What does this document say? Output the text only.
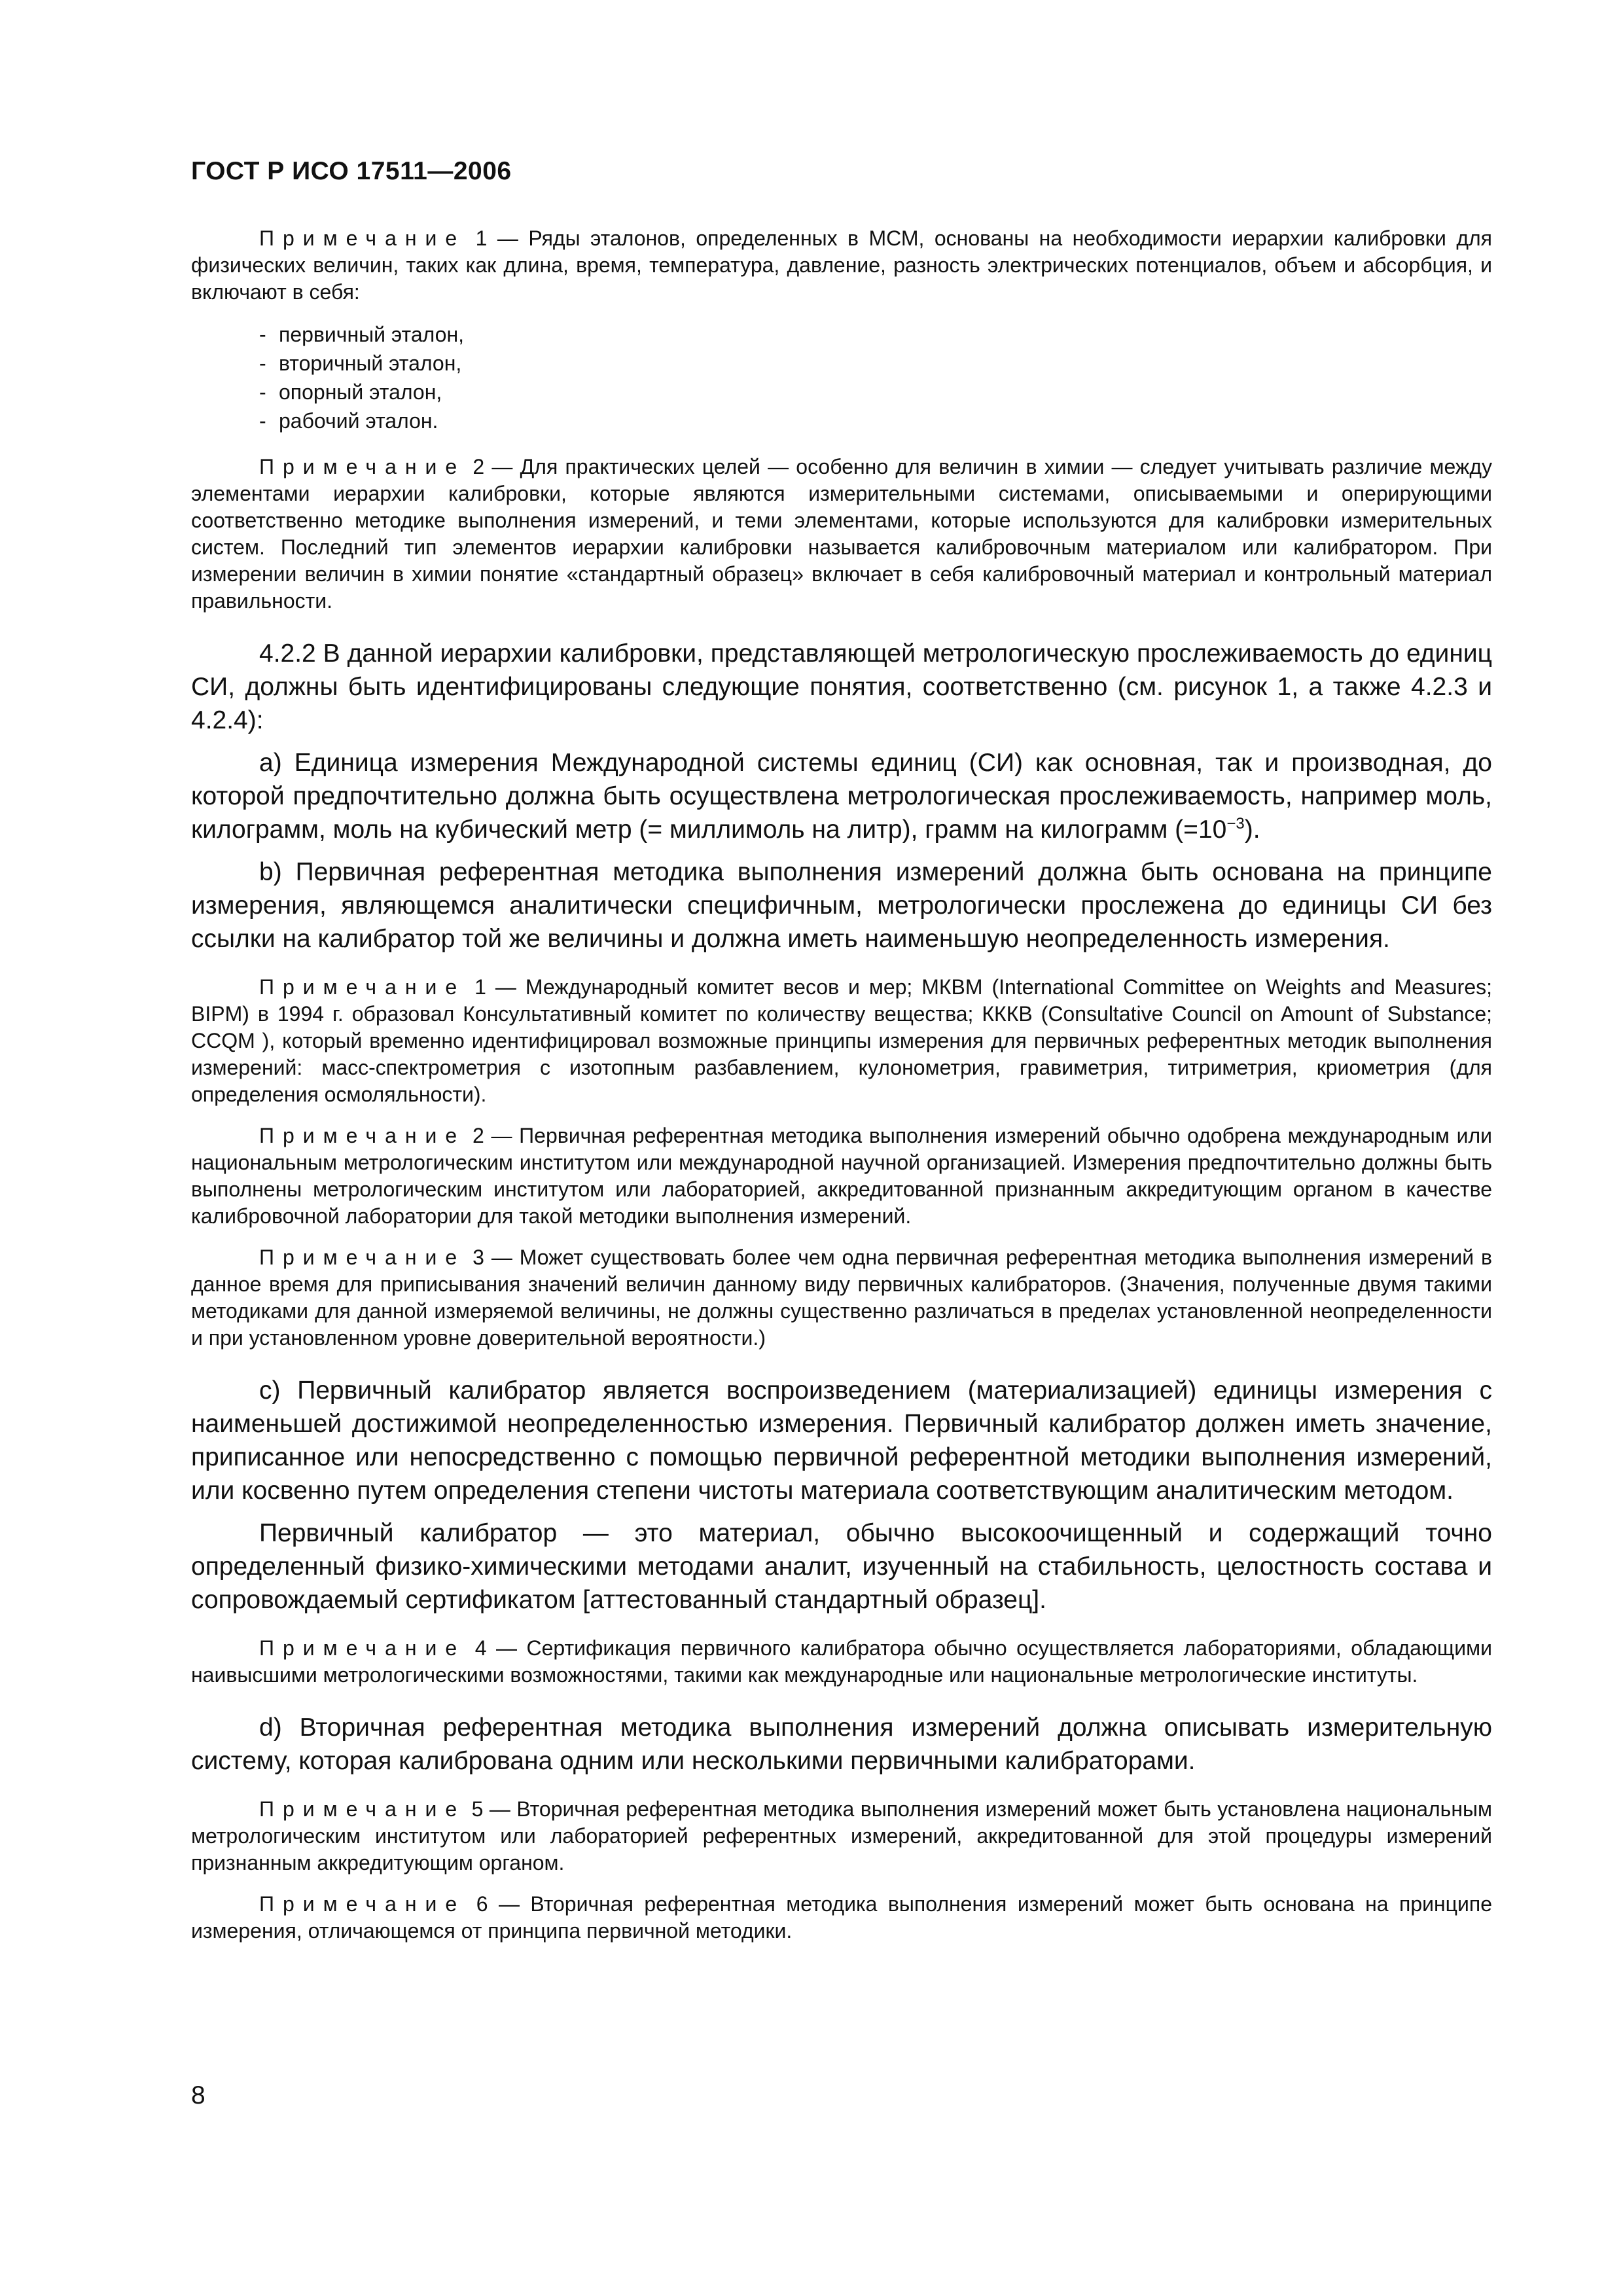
ГОСТ Р ИСО 17511—2006

Примечание 1 — Ряды эталонов, определенных в МСМ, основаны на необходимости иерархии калибровки для физических величин, таких как длина, время, температура, давление, разность электрических потенциалов, объем и абсорбция, и включают в себя:

- первичный эталон,
- вторичный эталон,
- опорный эталон,
- рабочий эталон.

Примечание 2 — Для практических целей — особенно для величин в химии — следует учитывать различие между элементами иерархии калибровки, которые являются измерительными системами, описываемыми и оперирующими соответственно методике выполнения измерений, и теми элементами, которые используются для калибровки измерительных систем. Последний тип элементов иерархии калибровки называется калибровочным материалом или калибратором. При измерении величин в химии понятие «стандартный образец» включает в себя калибровочный материал и контрольный материал правильности.

4.2.2 В данной иерархии калибровки, представляющей метрологическую прослеживаемость до единиц СИ, должны быть идентифицированы следующие понятия, соответственно (см. рисунок 1, а также 4.2.3 и 4.2.4):

a) Единица измерения Международной системы единиц (СИ) как основная, так и производная, до которой предпочтительно должна быть осуществлена метрологическая прослеживаемость, например моль, килограмм, моль на кубический метр (= миллимоль на литр), грамм на килограмм $(=10^{-3})$.

b) Первичная референтная методика выполнения измерений должна быть основана на принципе измерения, являющемся аналитически специфичным, метрологически прослежена до единицы СИ без ссылки на калибратор той же величины и должна иметь наименьшую неопределенность измерения.

Примечание 1 — Международный комитет весов и мер; МКВМ (International Committee on Weights and Measures; BIPM) в 1994 г. образовал Консультативный комитет по количеству вещества; КККВ (Consultative Council on Amount of Substance; CCQM ), который временно идентифицировал возможные принципы измерения для первичных референтных методик выполнения измерений: масс-спектрометрия с изотопным разбавлением, кулонометрия, гравиметрия, титриметрия, криометрия (для определения осмоляльности).

Примечание 2 — Первичная референтная методика выполнения измерений обычно одобрена международным или национальным метрологическим институтом или международной научной организацией. Измерения предпочтительно должны быть выполнены метрологическим институтом или лабораторией, аккредитованной признанным аккредитующим органом в качестве калибровочной лаборатории для такой методики выполнения измерений.

Примечание 3 — Может существовать более чем одна первичная референтная методика выполнения измерений в данное время для приписывания значений величин данному виду первичных калибраторов. (Значения, полученные двумя такими методиками для данной измеряемой величины, не должны существенно различаться в пределах установленной неопределенности и при установленном уровне доверительной вероятности.)

c) Первичный калибратор является воспроизведением (материализацией) единицы измерения с наименьшей достижимой неопределенностью измерения. Первичный калибратор должен иметь значение, приписанное или непосредственно с помощью первичной референтной методики выполнения измерений, или косвенно путем определения степени чистоты материала соответствующим аналитическим методом.

Первичный калибратор — это материал, обычно высокоочищенный и содержащий точно определенный физико-химическими методами аналит, изученный на стабильность, целостность состава и сопровождаемый сертификатом [аттестованный стандартный образец].

Примечание 4 — Сертификация первичного калибратора обычно осуществляется лабораториями, обладающими наивысшими метрологическими возможностями, такими как международные или национальные метрологические институты.

d) Вторичная референтная методика выполнения измерений должна описывать измерительную систему, которая калибрована одним или несколькими первичными калибраторами.

Примечание 5 — Вторичная референтная методика выполнения измерений может быть установлена национальным метрологическим институтом или лабораторией референтных измерений, аккредитованной для этой процедуры измерений признанным аккредитующим органом.

Примечание 6 — Вторичная референтная методика выполнения измерений может быть основана на принципе измерения, отличающемся от принципа первичной методики.

8
